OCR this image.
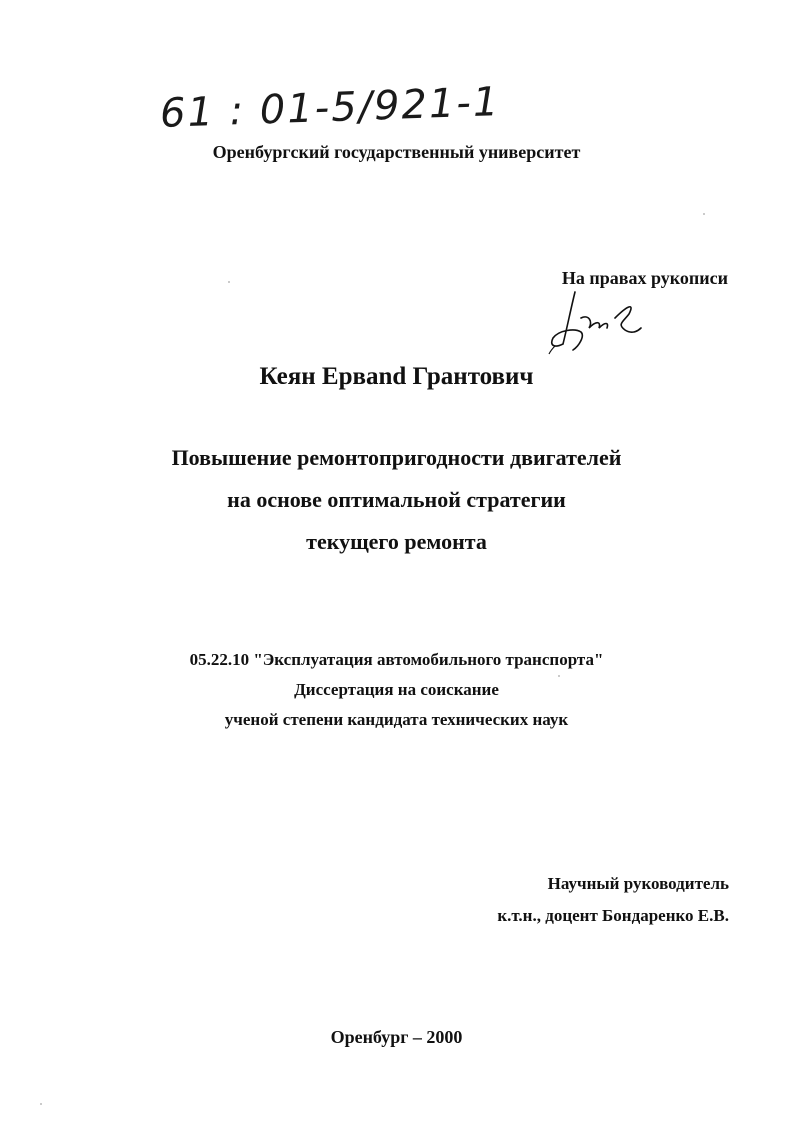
61 : 01-5/921-1
Оренбургский государственный университет
На правах рукописи
Кеян Ервand Грантович
Повышение ремонтопригодности двигателей
на основе оптимальной стратегии
текущего ремонта
05.22.10 "Эксплуатация автомобильного транспорта"
Диссертация на соискание
ученой степени кандидата технических наук
Научный руководитель
к.т.н., доцент Бондаренко Е.В.
Оренбург – 2000
